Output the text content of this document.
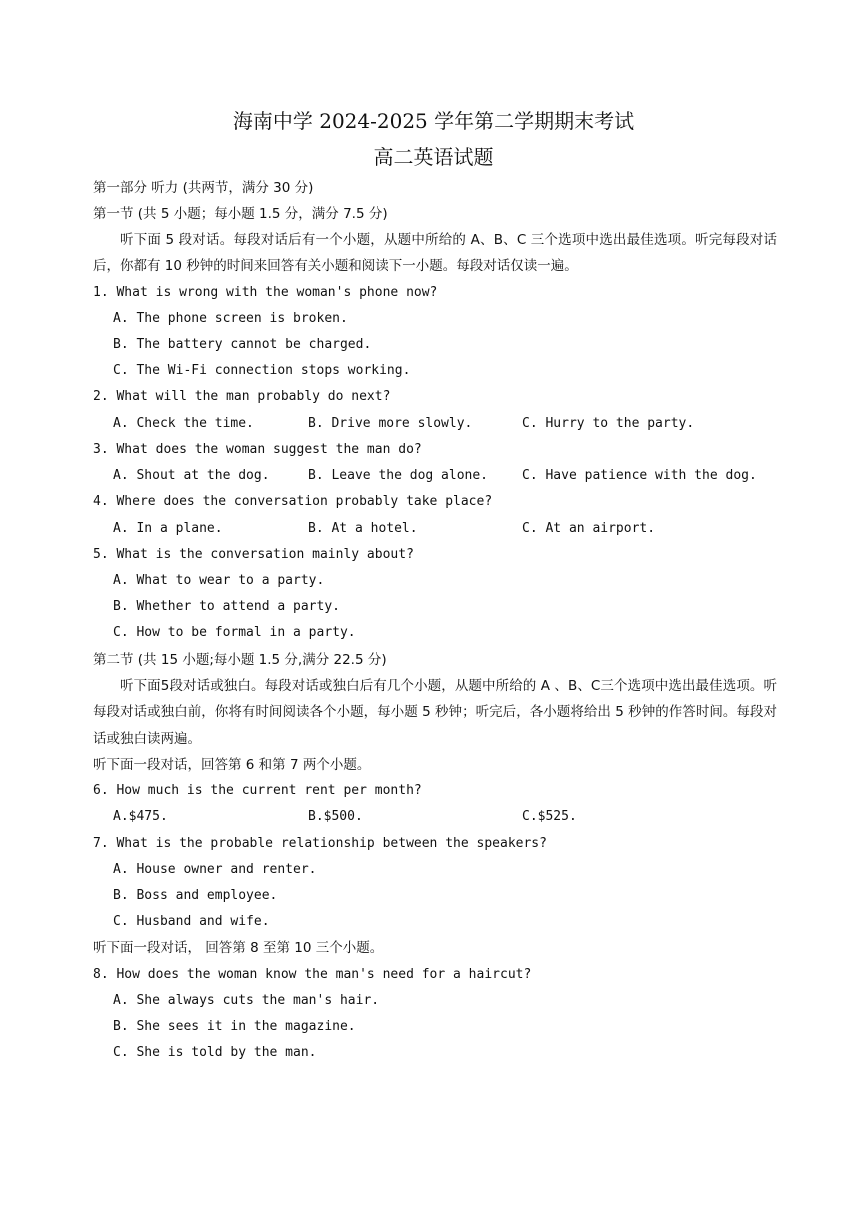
海南中学 2024-2025 学年第二学期期末考试
高二英语试题
第一部分 听力 (共两节，满分 30 分)
第一节 (共 5 小题；每小题 1.5 分，满分 7.5 分)
听下面 5 段对话。每段对话后有一个小题，从题中所给的 A、B、C 三个选项中选出最佳选项。听完每段对话后，你都有 10 秒钟的时间来回答有关小题和阅读下一小题。每段对话仅读一遍。
1. What is wrong with the woman's phone now?
A. The phone screen is broken.
B. The battery cannot be charged.
C. The Wi-Fi connection stops working.
2. What will the man probably do next?
A. Check the time.	B. Drive more slowly.	C. Hurry to the party.
3. What does the woman suggest the man do?
A. Shout at the dog.	B. Leave the dog alone.	C. Have patience with the dog.
4. Where does the conversation probably take place?
A. In a plane.	B. At a hotel.	C. At an airport.
5. What is the conversation mainly about?
A. What to wear to a party.
B. Whether to attend a party.
C. How to be formal in a party.
第二节 (共 15 小题;每小题 1.5 分,满分 22.5 分)
听下面5段对话或独白。每段对话或独白后有几个小题，从题中所给的 A 、B、C三个选项中选出最佳选项。听每段对话或独白前，你将有时间阅读各个小题，每小题 5 秒钟；听完后，各小题将给出 5 秒钟的作答时间。每段对话或独白读两遍。
听下面一段对话，回答第 6 和第 7 两个小题。
6. How much is the current rent per month?
A.$475.	B.$500.	C.$525.
7. What is the probable relationship between the speakers?
A. House owner and renter.
B. Boss and employee.
C. Husband and wife.
听下面一段对话， 回答第 8 至第 10 三个小题。
8. How does the woman know the man's need for a haircut?
A. She always cuts the man's hair.
B. She sees it in the magazine.
C. She is told by the man.
